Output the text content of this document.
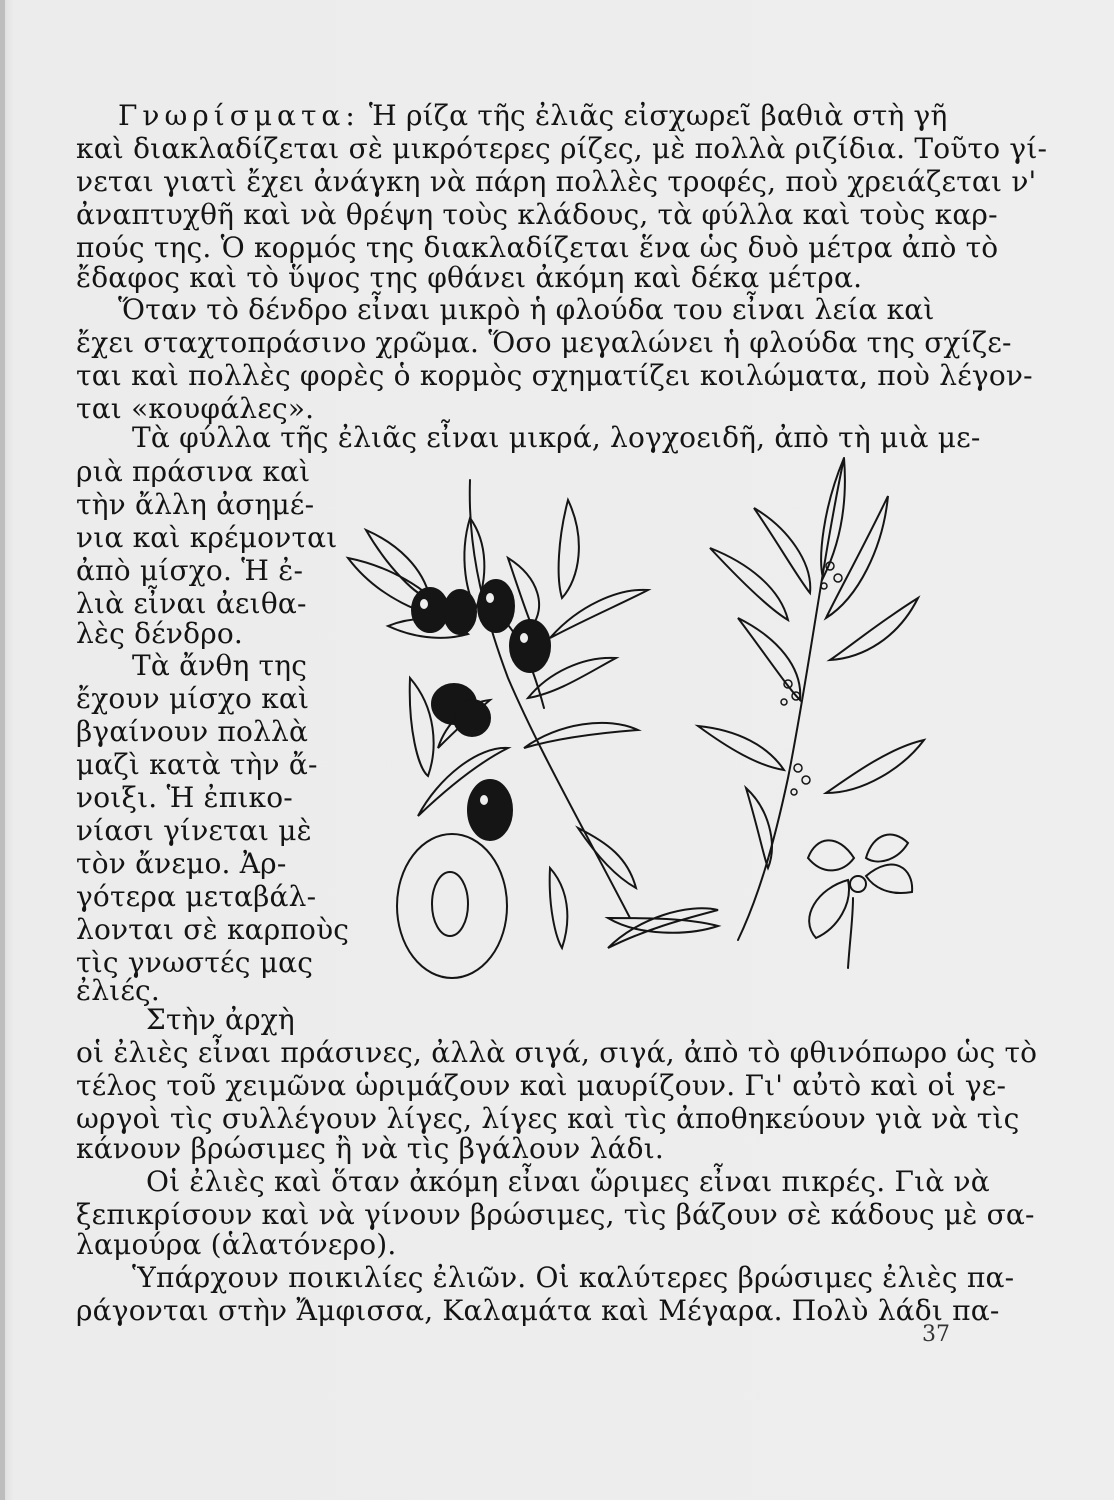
Γνωρίσματα: Ἡ ρίζα τῆς ἐλιᾶς εἰσχωρεῖ βαθιὰ στὴ γῆ
καὶ διακλαδίζεται σὲ μικρότερες ρίζες, μὲ πολλὰ ριζίδια. Τοῦτο γί-
νεται γιατὶ ἔχει ἀνάγκη νὰ πάρη πολλὲς τροφές, ποὺ χρειάζεται ν'
ἀναπτυχθῆ καὶ νὰ θρέψη τοὺς κλάδους, τὰ φύλλα καὶ τοὺς καρ-
πούς της. Ὁ κορμός της διακλαδίζεται ἕνα ὡς δυὸ μέτρα ἀπὸ τὸ
ἔδαφος καὶ τὸ ὕψος της φθάνει ἀκόμη καὶ δέκα μέτρα.
Ὅταν τὸ δένδρο εἶναι μικρὸ ἡ φλούδα του εἶναι λεία καὶ
ἔχει σταχτοπράσινο χρῶμα. Ὅσο μεγαλώνει ἡ φλούδα της σχίζε-
ται καὶ πολλὲς φορὲς ὁ κορμὸς σχηματίζει κοιλώματα, ποὺ λέγον-
ται «κουφάλες».
Τὰ φύλλα τῆς ἐλιᾶς εἶναι μικρά, λογχοειδῆ, ἀπὸ τὴ μιὰ με-
ριὰ πράσινα καὶ
τὴν ἄλλη ἀσημέ-
νια καὶ κρέμονται
ἀπὸ μίσχο. Ἡ ἐ-
λιὰ εἶναι ἀειθα-
λὲς δένδρο.
Τὰ ἄνθη της
ἔχουν μίσχο καὶ
βγαίνουν πολλὰ
μαζὶ κατὰ τὴν ἄ-
νοιξι. Ἡ ἐπικο-
νίασι γίνεται μὲ
τὸν ἄνεμο. Ἀρ-
γότερα μεταβάλ-
λονται σὲ καρποὺς
τὶς γνωστές μας
ἐλιές.
Στὴν ἀρχὴ
οἱ ἐλιὲς εἶναι πράσινες, ἀλλὰ σιγά, σιγά, ἀπὸ τὸ φθινόπωρο ὡς τὸ
τέλος τοῦ χειμῶνα ὡριμάζουν καὶ μαυρίζουν. Γι' αὐτὸ καὶ οἱ γε-
ωργοὶ τὶς συλλέγουν λίγες, λίγες καὶ τὶς ἀποθηκεύουν γιὰ νὰ τὶς
κάνουν βρώσιμες ἢ νὰ τὶς βγάλουν λάδι.
Οἱ ἐλιὲς καὶ ὅταν ἀκόμη εἶναι ὥριμες εἶναι πικρές. Γιὰ νὰ
ξεπικρίσουν καὶ νὰ γίνουν βρώσιμες, τὶς βάζουν σὲ κάδους μὲ σα-
λαμούρα (ἁλατόνερο).
Ὑπάρχουν ποικιλίες ἐλιῶν. Οἱ καλύτερες βρώσιμες ἐλιὲς πα-
ράγονται στὴν Ἄμφισσα, Καλαμάτα καὶ Μέγαρα. Πολὺ λάδι πα-
37
